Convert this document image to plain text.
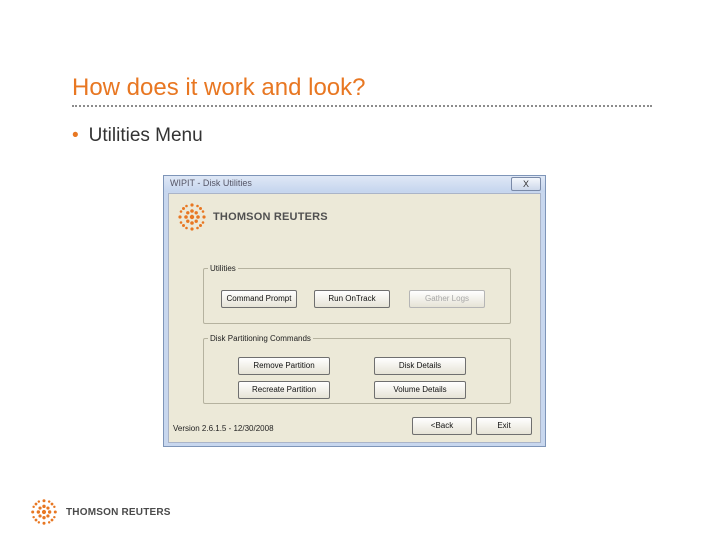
How does it work and look?
• Utilities Menu
WIPIT - Disk Utilities	X
THOMSON REUTERS
Utilities
Command Prompt	Run OnTrack	Gather Logs
Disk Partitioning Commands
Remove Partition	Disk Details
Recreate Partition	Volume Details
Version 2.6.1.5 - 12/30/2008	<Back	Exit
THOMSON REUTERS
